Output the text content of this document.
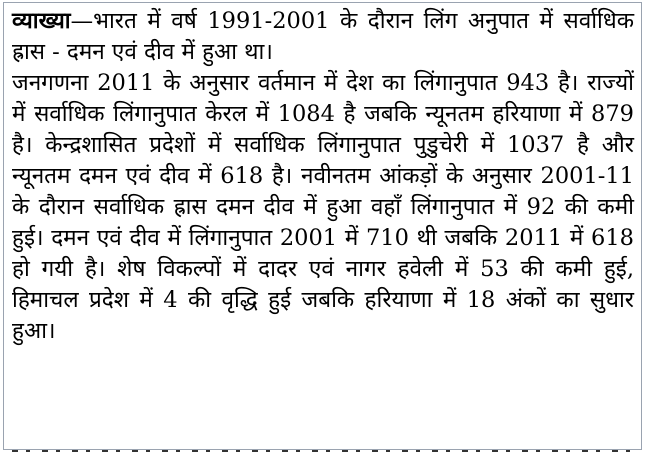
व्याख्या—भारत में वर्ष 1991-2001 के दौरान लिंग अनुपात में सर्वाधिक ह्रास - दमन एवं दीव में हुआ था।

जनगणना 2011 के अनुसार वर्तमान में देश का लिंगानुपात 943 है। राज्यों में सर्वाधिक लिंगानुपात केरल में 1084 है जबकि न्यूनतम हरियाणा में 879 है। केन्द्रशासित प्रदेशों में सर्वाधिक लिंगानुपात पुडुचेरी में 1037 है और न्यूनतम दमन एवं दीव में 618 है। नवीनतम आंकड़ों के अनुसार 2001-11 के दौरान सर्वाधिक ह्रास दमन दीव में हुआ वहाँ लिंगानुपात में 92 की कमी हुई। दमन एवं दीव में लिंगानुपात 2001 में 710 थी जबकि 2011 में 618 हो गयी है। शेष विकल्पों में दादर एवं नागर हवेली में 53 की कमी हुई, हिमाचल प्रदेश में 4 की वृद्धि हुई जबकि हरियाणा में 18 अंकों का सुधार हुआ।
